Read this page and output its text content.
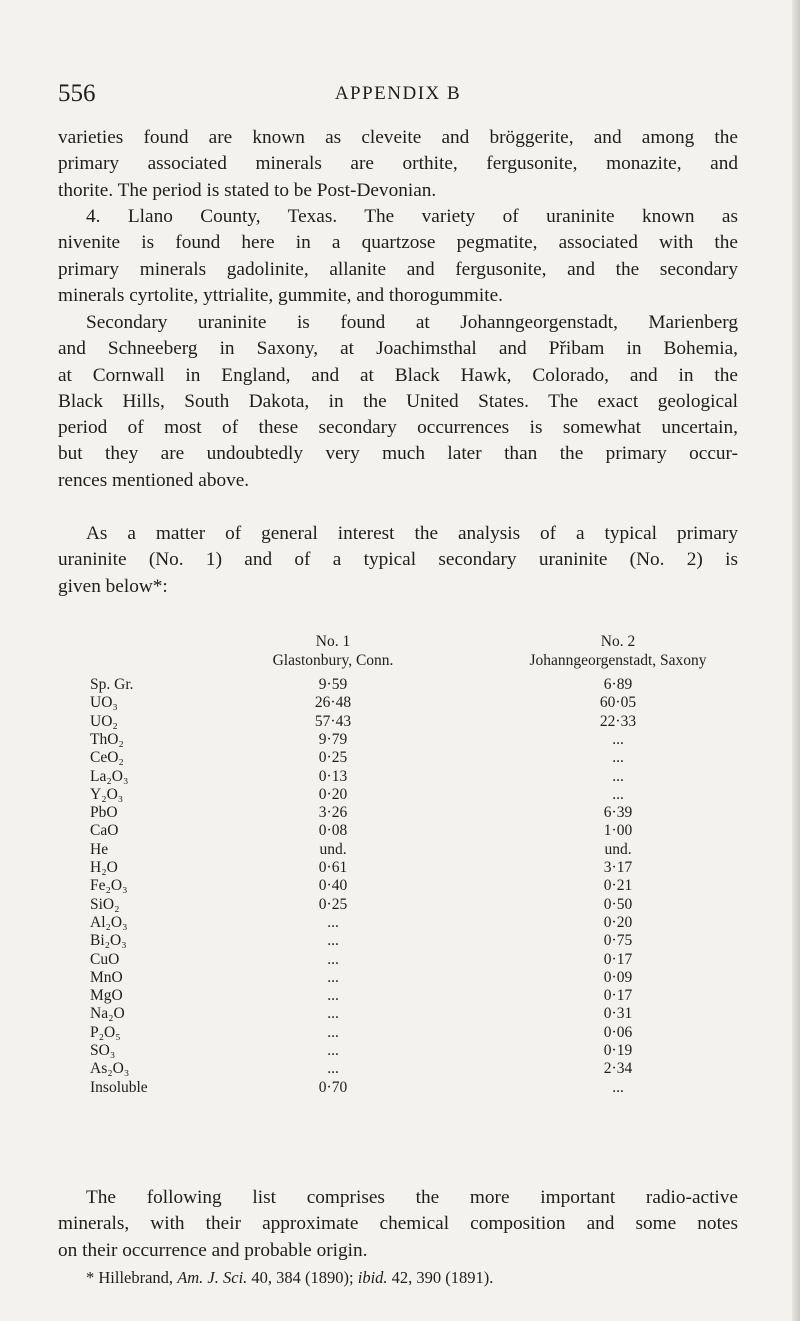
556	APPENDIX B

varieties found are known as cleveite and bröggerite, and among the

primary associated minerals are orthite, fergusonite, monazite, and

thorite. The period is stated to be Post-Devonian.

4. Llano County, Texas. The variety of uraninite known as

nivenite is found here in a quartzose pegmatite, associated with the

primary minerals gadolinite, allanite and fergusonite, and the secondary

minerals cyrtolite, yttrialite, gummite, and thorogummite.

Secondary uraninite is found at Johanngeorgenstadt, Marienberg

and Schneeberg in Saxony, at Joachimsthal and Přibam in Bohemia,

at Cornwall in England, and at Black Hawk, Colorado, and in the

Black Hills, South Dakota, in the United States. The exact geological

period of most of these secondary occurrences is somewhat uncertain,

but they are undoubtedly very much later than the primary occur-

rences mentioned above.

As a matter of general interest the analysis of a typical primary

uraninite (No. 1) and of a typical secondary uraninite (No. 2) is

given below*:

No. 1
Glastonbury, Conn.
No. 2
Johanngeorgenstadt, Saxony
Sp. Gr.	9·59	6·89
UO₃	26·48	60·05
UO₂	57·43	22·33
ThO₂	9·79	...
CeO₂	0·25	...
La₂O₃	0·13	...
Y₂O₃	0·20	...
PbO	3·26	6·39
CaO	0·08	1·00
He	und.	und.
H₂O	0·61	3·17
Fe₂O₃	0·40	0·21
SiO₂	0·25	0·50
Al₂O₃	...	0·20
Bi₂O₃	...	0·75
CuO	...	0·17
MnO	...	0·09
MgO	...	0·17
Na₂O	...	0·31
P₂O₅	...	0·06
SO₃	...	0·19
As₂O₃	...	2·34
Insoluble	0·70	...

The following list comprises the more important radio-active

minerals, with their approximate chemical composition and some notes

on their occurrence and probable origin.

* Hillebrand, Am. J. Sci. 40, 384 (1890); ibid. 42, 390 (1891).
